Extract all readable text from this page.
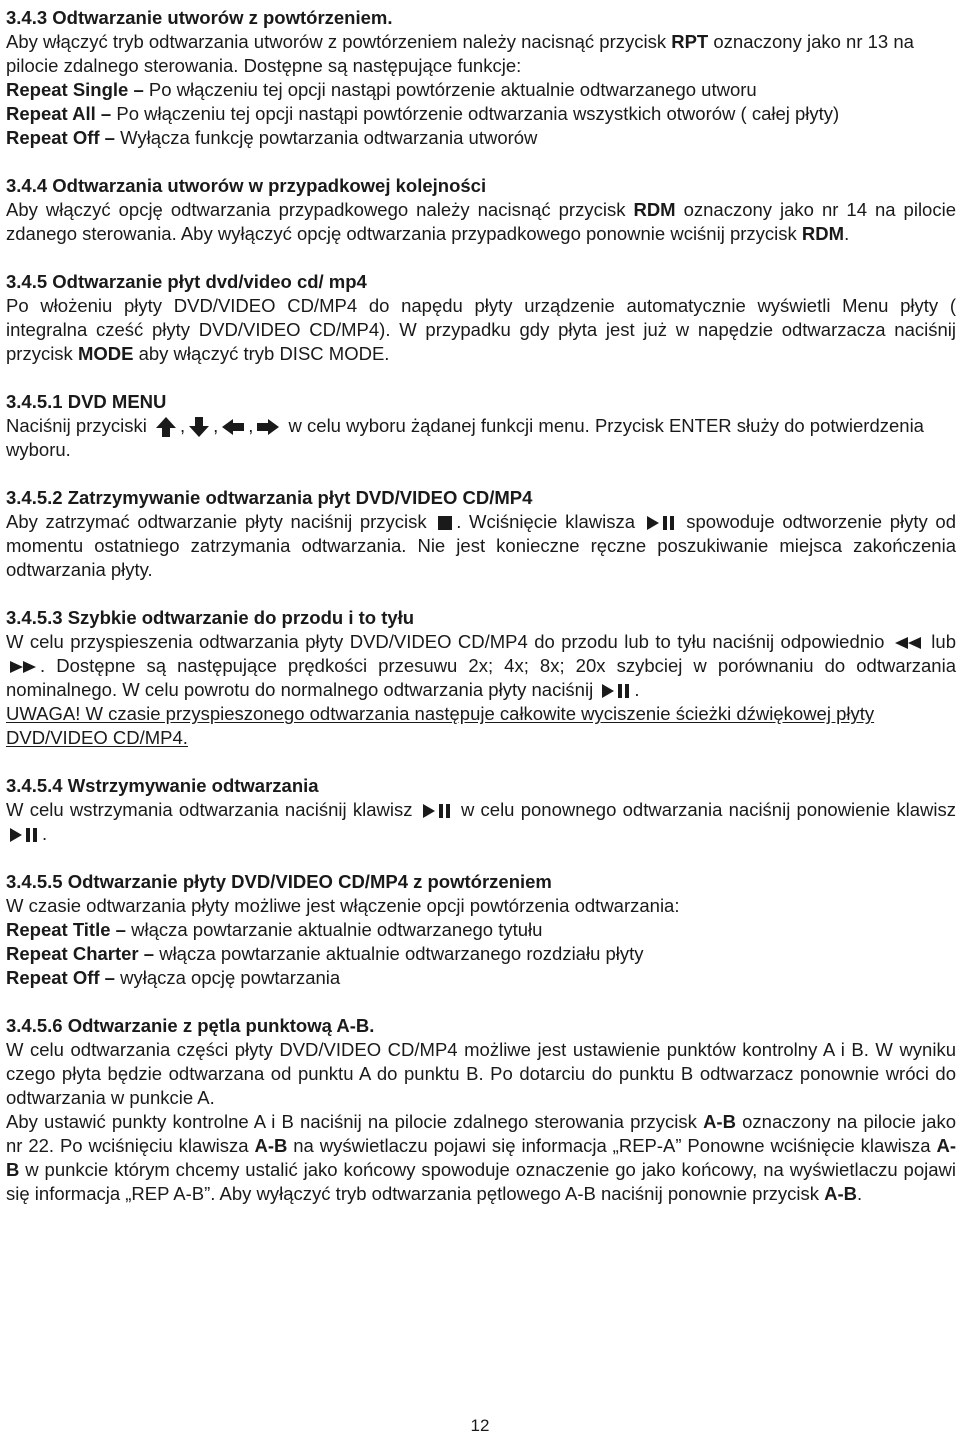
3.4.3 Odtwarzanie utworów z powtórzeniem.

Aby włączyć tryb odtwarzania utworów z powtórzeniem należy nacisnąć przycisk RPT oznaczony jako nr 13 na pilocie zdalnego sterowania. Dostępne są następujące funkcje:

Repeat Single – Po włączeniu tej opcji nastąpi powtórzenie aktualnie odtwarzanego utworu

Repeat All – Po włączeniu tej opcji nastąpi powtórzenie odtwarzania wszystkich otworów ( całej płyty)

Repeat Off – Wyłącza funkcję powtarzania odtwarzania utworów

3.4.4 Odtwarzania utworów w przypadkowej kolejności

Aby włączyć opcję odtwarzania przypadkowego należy nacisnąć przycisk RDM oznaczony jako nr 14 na pilocie zdanego sterowania. Aby wyłączyć opcję odtwarzania przypadkowego ponownie wciśnij przycisk RDM.

3.4.5 Odtwarzanie płyt dvd/video cd/ mp4

Po włożeniu płyty DVD/VIDEO CD/MP4 do napędu płyty urządzenie automatycznie wyświetli Menu płyty ( integralna cześć płyty DVD/VIDEO CD/MP4). W przypadku gdy płyta jest już w napędzie odtwarzacza naciśnij przycisk MODE aby włączyć tryb DISC MODE.

3.4.5.1 DVD MENU

Naciśnij przyciski
, , ,
w celu wyboru żądanej funkcji menu. Przycisk ENTER służy do potwierdzenia wyboru.

3.4.5.2 Zatrzymywanie odtwarzania płyt DVD/VIDEO CD/MP4

Aby zatrzymać odtwarzanie płyty naciśnij przycisk
. Wciśnięcie klawisza
spowoduje odtworzenie płyty od momentu ostatniego zatrzymania odtwarzania. Nie jest konieczne ręczne poszukiwanie miejsca zakończenia odtwarzania płyty.

3.4.5.3 Szybkie odtwarzanie do przodu i to tyłu

W celu przyspieszenia odtwarzania płyty DVD/VIDEO CD/MP4 do przodu lub to tyłu naciśnij odpowiednio
lub
. Dostępne są następujące prędkości przesuwu 2x; 4x; 8x; 20x szybciej w porównaniu do odtwarzania nominalnego. W celu powrotu do normalnego odtwarzania płyty naciśnij
.

UWAGA! W czasie przyspieszonego odtwarzania następuje całkowite wyciszenie ścieżki dźwiękowej płyty DVD/VIDEO CD/MP4.

3.4.5.4 Wstrzymywanie odtwarzania

W celu wstrzymania odtwarzania naciśnij klawisz
w celu ponownego odtwarzania naciśnij ponowienie klawisz
.

3.4.5.5 Odtwarzanie płyty DVD/VIDEO CD/MP4 z powtórzeniem

W czasie odtwarzania płyty możliwe jest włączenie opcji powtórzenia odtwarzania:

Repeat Title – włącza powtarzanie aktualnie odtwarzanego tytułu

Repeat Charter – włącza powtarzanie aktualnie odtwarzanego rozdziału płyty

Repeat Off – wyłącza opcję powtarzania

3.4.5.6 Odtwarzanie z pętla punktową A-B.

W celu odtwarzania części płyty DVD/VIDEO CD/MP4 możliwe jest ustawienie punktów kontrolny A i B. W wyniku czego płyta będzie odtwarzana od punktu A do punktu B. Po dotarciu do punktu B odtwarzacz ponownie wróci do odtwarzania w punkcie A.

Aby ustawić punkty kontrolne A i B naciśnij na pilocie zdalnego sterowania przycisk A-B oznaczony na pilocie jako nr 22. Po wciśnięciu klawisza A-B na wyświetlaczu pojawi się informacja „REP-A” Ponowne wciśnięcie klawisza A-B w punkcie którym chcemy ustalić jako końcowy spowoduje oznaczenie go jako końcowy, na wyświetlaczu pojawi się informacja „REP A-B”. Aby wyłączyć tryb odtwarzania pętlowego A-B naciśnij ponownie przycisk A-B.

12
